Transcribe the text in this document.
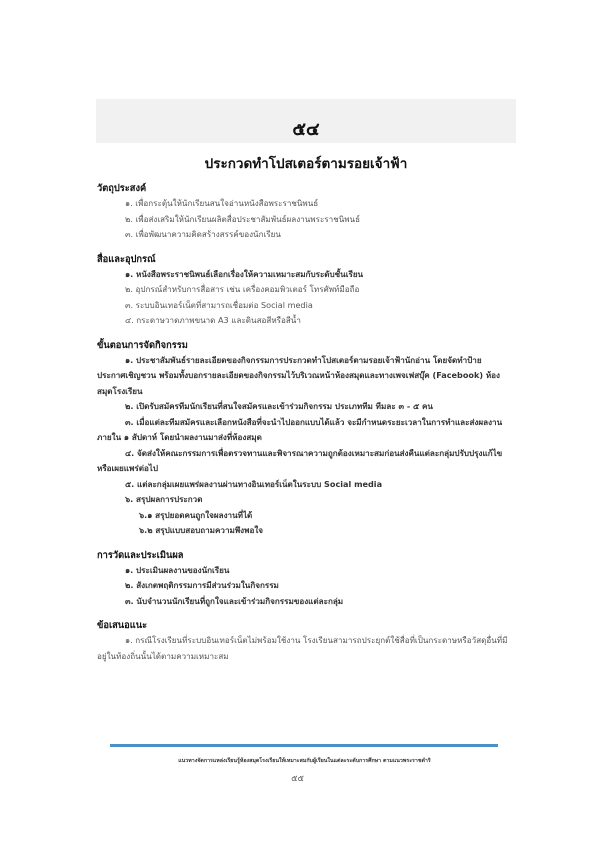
๕๔
ประกวดทำโปสเตอร์ตามรอยเจ้าฟ้า
วัตถุประสงค์
๑. เพื่อกระตุ้นให้นักเรียนสนใจอ่านหนังสือพระราชนิพนธ์
๒. เพื่อส่งเสริมให้นักเรียนผลิตสื่อประชาสัมพันธ์ผลงานพระราชนิพนธ์
๓. เพื่อพัฒนาความคิดสร้างสรรค์ของนักเรียน
สื่อและอุปกรณ์
๑. หนังสือพระราชนิพนธ์เลือกเรื่องให้ความเหมาะสมกับระดับชั้นเรียน
๒. อุปกรณ์สำหรับการสื่อสาร เช่น เครื่องคอมพิวเตอร์ โทรศัพท์มือถือ
๓. ระบบอินเทอร์เน็ตที่สามารถเชื่อมต่อ Social media
๔. กระดาษวาดภาพขนาด A3 และดินสอสีหรือสีน้ำ
ขั้นตอนการจัดกิจกรรม
๑. ประชาสัมพันธ์รายละเอียดของกิจกรรมการประกวดทำโปสเตอร์ตามรอยเจ้าฟ้านักอ่าน โดยจัดทำป้ายประกาศเชิญชวน พร้อมทั้งบอกรายละเอียดของกิจกรรมไว้บริเวณหน้าห้องสมุดและทางเพจเฟสบุ๊ค (Facebook) ห้องสมุดโรงเรียน
๒. เปิดรับสมัครทีมนักเรียนที่สนใจสมัครและเข้าร่วมกิจกรรม ประเภททีม ทีมละ ๓ - ๕ คน
๓. เมื่อแต่ละทีมสมัครและเลือกหนังสือที่จะนำไปออกแบบได้แล้ว จะมีกำหนดระยะเวลาในการทำและส่งผลงานภายใน ๑ สัปดาห์ โดยนำผลงานมาส่งที่ห้องสมุด
๔. จัดส่งให้คณะกรรมการเพื่อตรวจทานและพิจารณาความถูกต้องเหมาะสมก่อนส่งคืนแต่ละกลุ่มปรับปรุงแก้ไขหรือเผยแพร่ต่อไป
๕. แต่ละกลุ่มเผยแพร่ผลงานผ่านทางอินเทอร์เน็ตในระบบ Social media
๖. สรุปผลการประกวด
๖.๑ สรุปยอดคนถูกใจผลงานที่ได้
๖.๒ สรุปแบบสอบถามความพึงพอใจ
การวัดและประเมินผล
๑. ประเมินผลงานของนักเรียน
๒. สังเกตพฤติกรรมการมีส่วนร่วมในกิจกรรม
๓. นับจำนวนนักเรียนที่ถูกใจและเข้าร่วมกิจกรรมของแต่ละกลุ่ม
ข้อเสนอแนะ
๑. กรณีโรงเรียนที่ระบบอินเทอร์เน็ตไม่พร้อมใช้งาน โรงเรียนสามารถประยุกต์ใช้สื่อที่เป็นกระดาษหรือวัสดุอื่นที่มีอยู่ในท้องถิ่นนั้นได้ตามความเหมาะสม
แนวทางจัดการแหล่งเรียนรู้ห้องสมุดโรงเรียนให้เหมาะสมกับผู้เรียนในแต่ละระดับการศึกษา ตามแนวพระราชดำริ
๕๕
